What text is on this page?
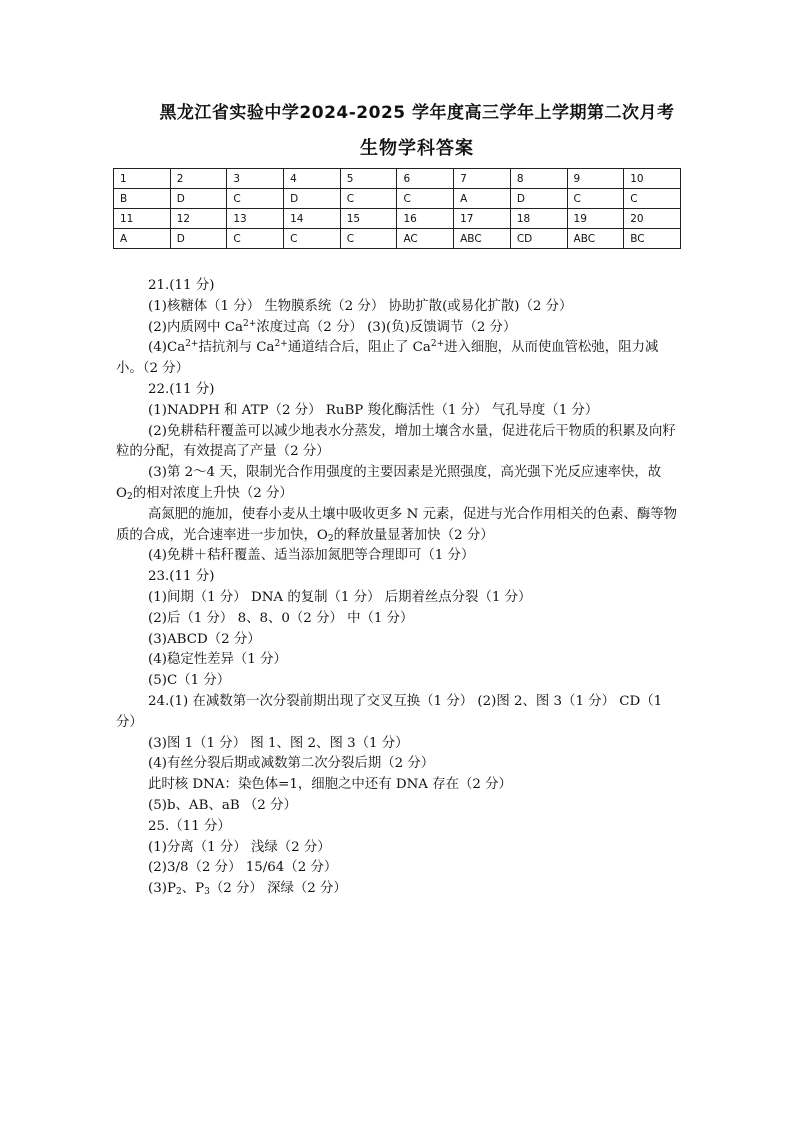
黑龙江省实验中学2024-2025 学年度高三学年上学期第二次月考
生物学科答案
1	2	3	4	5	6	7	8	9	10
B	D	C	D	C	C	A	D	C	C
11	12	13	14	15	16	17	18	19	20
A	D	C	C	C	AC	ABC	CD	ABC	BC
21.(11 分)
(1)核糖体（1 分） 生物膜系统（2 分） 协助扩散(或易化扩散)（2 分）
(2)内质网中 $Ca^{2+}$浓度过高（2 分） (3)(负)反馈调节（2 分）
$(4)Ca^{2+}$拮抗剂与 $Ca^{2+}$通道结合后，阻止了 $Ca^{2+}$进入细胞，从而使血管松弛，阻力减小。（2 分）
22.(11 分)
(1)NADPH 和 ATP（2 分） RuBP 羧化酶活性（1 分） 气孔导度（1 分）
(2)免耕秸秆覆盖可以减少地表水分蒸发，增加土壤含水量，促进花后干物质的积累及向籽粒的分配，有效提高了产量（2 分）
(3)第 2～4 天，限制光合作用强度的主要因素是光照强度，高光强下光反应速率快，故 $O_2$的相对浓度上升快（2 分）
高氮肥的施加，使春小麦从土壤中吸收更多 N 元素，促进与光合作用相关的色素、酶等物质的合成，光合速率进一步加快，$O_2$的释放量显著加快（2 分）
(4)免耕＋秸秆覆盖、适当添加氮肥等合理即可（1 分）
23.(11 分)
(1)间期（1 分） DNA 的复制（1 分） 后期着丝点分裂（1 分）
(2)后（1 分） 8、8、0（2 分） 中（1 分）
(3)ABCD（2 分）
(4)稳定性差异（1 分）
(5)C（1 分）
24.(1) 在减数第一次分裂前期出现了交叉互换（1 分） (2)图 2、图 3（1 分） CD（1 分）
(3)图 1（1 分） 图 1、图 2、图 3（1 分）
(4)有丝分裂后期或减数第二次分裂后期（2 分）
此时核 DNA：染色体=1，细胞之中还有 DNA 存在（2 分）
(5)b、AB、aB （2 分）
25.（11 分）
(1)分离（1 分） 浅绿（2 分）
(2)3/8（2 分） 15/64（2 分）
$(3)P_2$、$P_3(2$ 分） 深绿（2 分）
